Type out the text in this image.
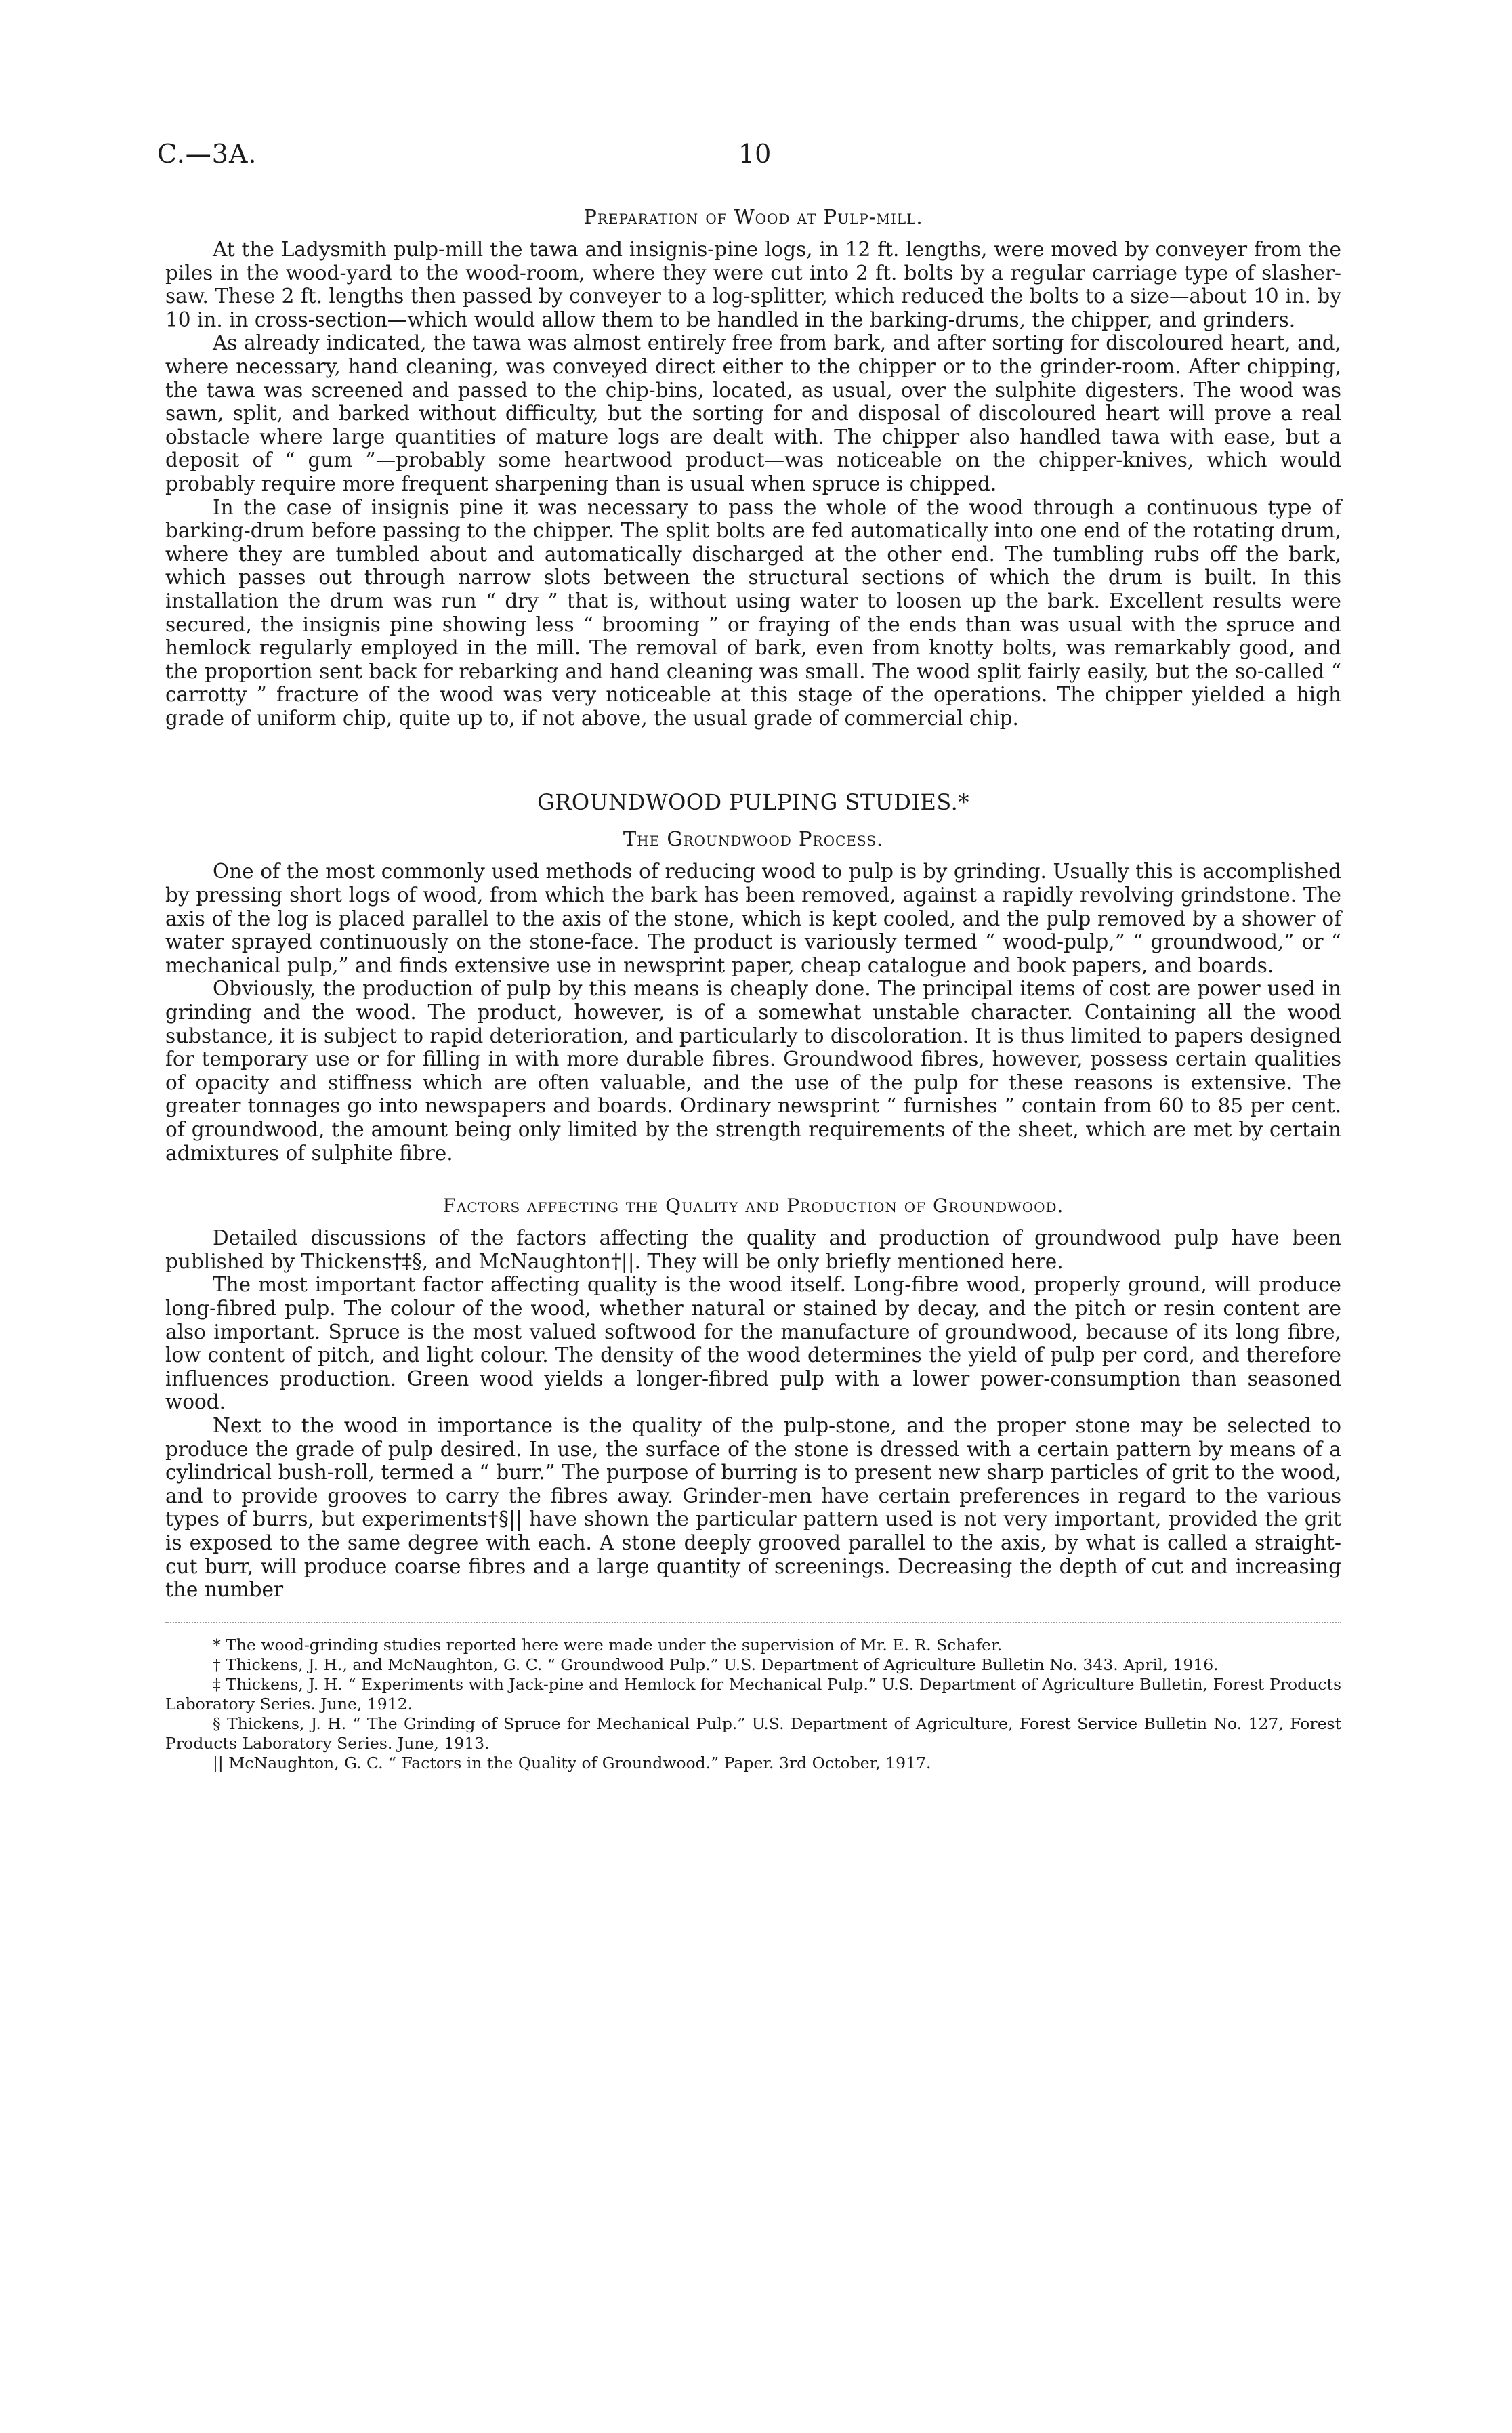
C.—3A.	10
Preparation of Wood at Pulp-mill.

At the Ladysmith pulp-mill the tawa and insignis-pine logs, in 12 ft. lengths, were moved by conveyer from the piles in the wood-yard to the wood-room, where they were cut into 2 ft. bolts by a regular carriage type of slasher-saw. These 2 ft. lengths then passed by conveyer to a log-splitter, which reduced the bolts to a size—about 10 in. by 10 in. in cross-section—which would allow them to be handled in the barking-drums, the chipper, and grinders.

As already indicated, the tawa was almost entirely free from bark, and after sorting for discoloured heart, and, where necessary, hand cleaning, was conveyed direct either to the chipper or to the grinder-room. After chipping, the tawa was screened and passed to the chip-bins, located, as usual, over the sulphite digesters. The wood was sawn, split, and barked without difficulty, but the sorting for and disposal of discoloured heart will prove a real obstacle where large quantities of mature logs are dealt with. The chipper also handled tawa with ease, but a deposit of “ gum ”—probably some heartwood product—was noticeable on the chipper-knives, which would probably require more frequent sharpening than is usual when spruce is chipped.

In the case of insignis pine it was necessary to pass the whole of the wood through a continuous type of barking-drum before passing to the chipper. The split bolts are fed automatically into one end of the rotating drum, where they are tumbled about and automatically discharged at the other end. The tumbling rubs off the bark, which passes out through narrow slots between the structural sections of which the drum is built. In this installation the drum was run “ dry ” that is, without using water to loosen up the bark. Excellent results were secured, the insignis pine showing less “ brooming ” or fraying of the ends than was usual with the spruce and hemlock regularly employed in the mill. The removal of bark, even from knotty bolts, was remarkably good, and the proportion sent back for rebarking and hand cleaning was small. The wood split fairly easily, but the so-called “ carrotty ” fracture of the wood was very noticeable at this stage of the operations. The chipper yielded a high grade of uniform chip, quite up to, if not above, the usual grade of commercial chip.

GROUNDWOOD PULPING STUDIES.*
The Groundwood Process.

One of the most commonly used methods of reducing wood to pulp is by grinding. Usually this is accomplished by pressing short logs of wood, from which the bark has been removed, against a rapidly revolving grindstone. The axis of the log is placed parallel to the axis of the stone, which is kept cooled, and the pulp removed by a shower of water sprayed continuously on the stone-face. The product is variously termed “ wood-pulp,” “ groundwood,” or “ mechanical pulp,” and finds extensive use in newsprint paper, cheap catalogue and book papers, and boards.

Obviously, the production of pulp by this means is cheaply done. The principal items of cost are power used in grinding and the wood. The product, however, is of a somewhat unstable character. Containing all the wood substance, it is subject to rapid deterioration, and particularly to discoloration. It is thus limited to papers designed for temporary use or for filling in with more durable fibres. Groundwood fibres, however, possess certain qualities of opacity and stiffness which are often valuable, and the use of the pulp for these reasons is extensive. The greater tonnages go into newspapers and boards. Ordinary newsprint “ furnishes ” contain from 60 to 85 per cent. of groundwood, the amount being only limited by the strength requirements of the sheet, which are met by certain admixtures of sulphite fibre.

Factors affecting the Quality and Production of Groundwood.

Detailed discussions of the factors affecting the quality and production of groundwood pulp have been published by Thickens†‡§, and McNaughton†||. They will be only briefly mentioned here.

The most important factor affecting quality is the wood itself. Long-fibre wood, properly ground, will produce long-fibred pulp. The colour of the wood, whether natural or stained by decay, and the pitch or resin content are also important. Spruce is the most valued softwood for the manufacture of groundwood, because of its long fibre, low content of pitch, and light colour. The density of the wood determines the yield of pulp per cord, and therefore influences production. Green wood yields a longer-fibred pulp with a lower power-consumption than seasoned wood.

Next to the wood in importance is the quality of the pulp-stone, and the proper stone may be selected to produce the grade of pulp desired. In use, the surface of the stone is dressed with a certain pattern by means of a cylindrical bush-roll, termed a “ burr.” The purpose of burring is to present new sharp particles of grit to the wood, and to provide grooves to carry the fibres away. Grinder-men have certain preferences in regard to the various types of burrs, but experiments†§|| have shown the particular pattern used is not very important, provided the grit is exposed to the same degree with each. A stone deeply grooved parallel to the axis, by what is called a straight-cut burr, will produce coarse fibres and a large quantity of screenings. Decreasing the depth of cut and increasing the number

* The wood-grinding studies reported here were made under the supervision of Mr. E. R. Schafer.

† Thickens, J. H., and McNaughton, G. C. “ Groundwood Pulp.” U.S. Department of Agriculture Bulletin No. 343. April, 1916.

‡ Thickens, J. H. “ Experiments with Jack-pine and Hemlock for Mechanical Pulp.” U.S. Department of Agriculture Bulletin, Forest Products Laboratory Series. June, 1912.

§ Thickens, J. H. “ The Grinding of Spruce for Mechanical Pulp.” U.S. Department of Agriculture, Forest Service Bulletin No. 127, Forest Products Laboratory Series. June, 1913.

|| McNaughton, G. C. “ Factors in the Quality of Groundwood.” Paper. 3rd October, 1917.
